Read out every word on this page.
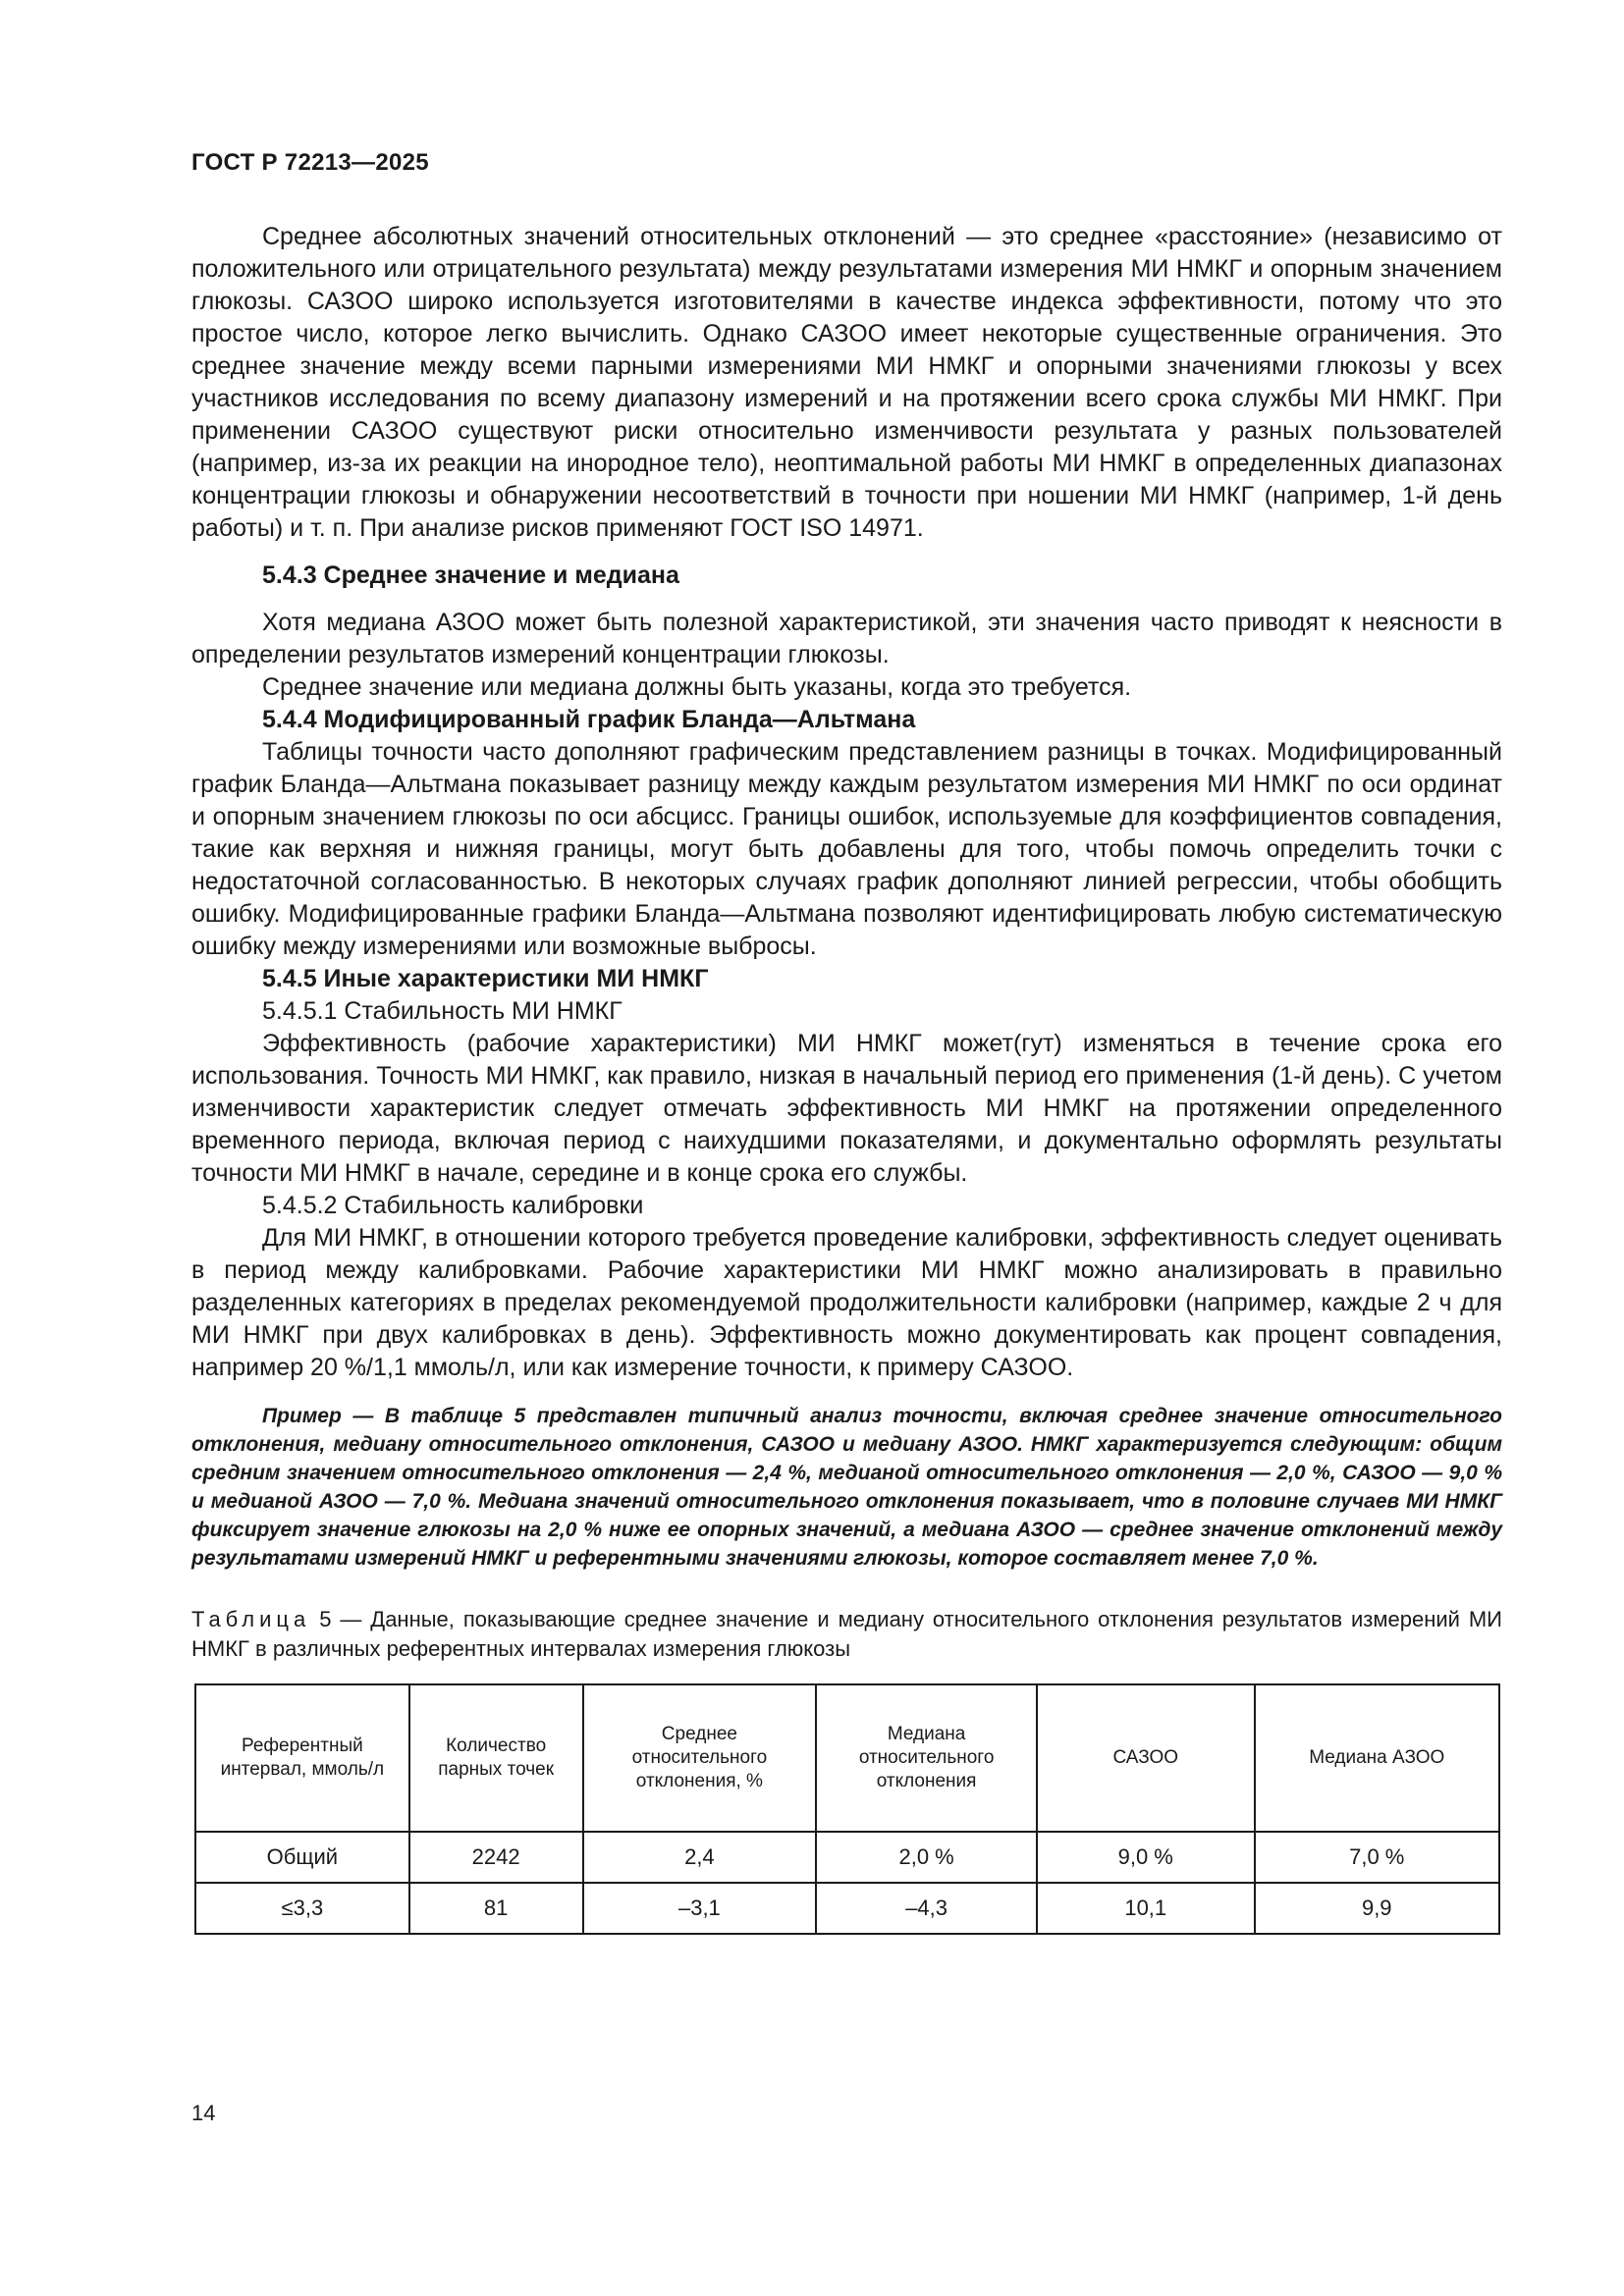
ГОСТ Р 72213—2025

Среднее абсолютных значений относительных отклонений — это среднее «расстояние» (независимо от положительного или отрицательного результата) между результатами измерения МИ НМКГ и опорным значением глюкозы. САЗОО широко используется изготовителями в качестве индекса эффективности, потому что это простое число, которое легко вычислить. Однако САЗОО имеет некоторые существенные ограничения. Это среднее значение между всеми парными измерениями МИ НМКГ и опорными значениями глюкозы у всех участников исследования по всему диапазону измерений и на протяжении всего срока службы МИ НМКГ. При применении САЗОО существуют риски относительно изменчивости результата у разных пользователей (например, из-за их реакции на инородное тело), неоптимальной работы МИ НМКГ в определенных диапазонах концентрации глюкозы и обнаружении несоответствий в точности при ношении МИ НМКГ (например, 1-й день работы) и т. п. При анализе рисков применяют ГОСТ ISO 14971.

5.4.3 Среднее значение и медиана

Хотя медиана АЗОО может быть полезной характеристикой, эти значения часто приводят к неясности в определении результатов измерений концентрации глюкозы.

Среднее значение или медиана должны быть указаны, когда это требуется.

5.4.4 Модифицированный график Бланда—Альтмана

Таблицы точности часто дополняют графическим представлением разницы в точках. Модифицированный график Бланда—Альтмана показывает разницу между каждым результатом измерения МИ НМКГ по оси ординат и опорным значением глюкозы по оси абсцисс. Границы ошибок, используемые для коэффициентов совпадения, такие как верхняя и нижняя границы, могут быть добавлены для того, чтобы помочь определить точки с недостаточной согласованностью. В некоторых случаях график дополняют линией регрессии, чтобы обобщить ошибку. Модифицированные графики Бланда—Альтмана позволяют идентифицировать любую систематическую ошибку между измерениями или возможные выбросы.

5.4.5 Иные характеристики МИ НМКГ

5.4.5.1 Стабильность МИ НМКГ

Эффективность (рабочие характеристики) МИ НМКГ может(гут) изменяться в течение срока его использования. Точность МИ НМКГ, как правило, низкая в начальный период его применения (1-й день). С учетом изменчивости характеристик следует отмечать эффективность МИ НМКГ на протяжении определенного временного периода, включая период с наихудшими показателями, и документально оформлять результаты точности МИ НМКГ в начале, середине и в конце срока его службы.

5.4.5.2 Стабильность калибровки

Для МИ НМКГ, в отношении которого требуется проведение калибровки, эффективность следует оценивать в период между калибровками. Рабочие характеристики МИ НМКГ можно анализировать в правильно разделенных категориях в пределах рекомендуемой продолжительности калибровки (например, каждые 2 ч для МИ НМКГ при двух калибровках в день). Эффективность можно документировать как процент совпадения, например 20 %/1,1 ммоль/л, или как измерение точности, к примеру САЗОО.

Пример — В таблице 5 представлен типичный анализ точности, включая среднее значение относительного отклонения, медиану относительного отклонения, САЗОО и медиану АЗОО. НМКГ характеризуется следующим: общим средним значением относительного отклонения — 2,4 %, медианой относительного отклонения — 2,0 %, САЗОО — 9,0 % и медианой АЗОО — 7,0 %. Медиана значений относительного отклонения показывает, что в половине случаев МИ НМКГ фиксирует значение глюкозы на 2,0 % ниже ее опорных значений, а медиана АЗОО — среднее значение отклонений между результатами измерений НМКГ и референтными значениями глюкозы, которое составляет менее 7,0 %.

Таблица 5 — Данные, показывающие среднее значение и медиану относительного отклонения результатов измерений МИ НМКГ в различных референтных интервалах измерения глюкозы

Референтный интервал, ммоль/л	Количество парных точек	Среднее относительного отклонения, %	Медиана относительного отклонения	САЗОО	Медиана АЗОО
Общий	2242	2,4	2,0 %	9,0 %	7,0 %
≤3,3	81	–3,1	–4,3	10,1	9,9
14
